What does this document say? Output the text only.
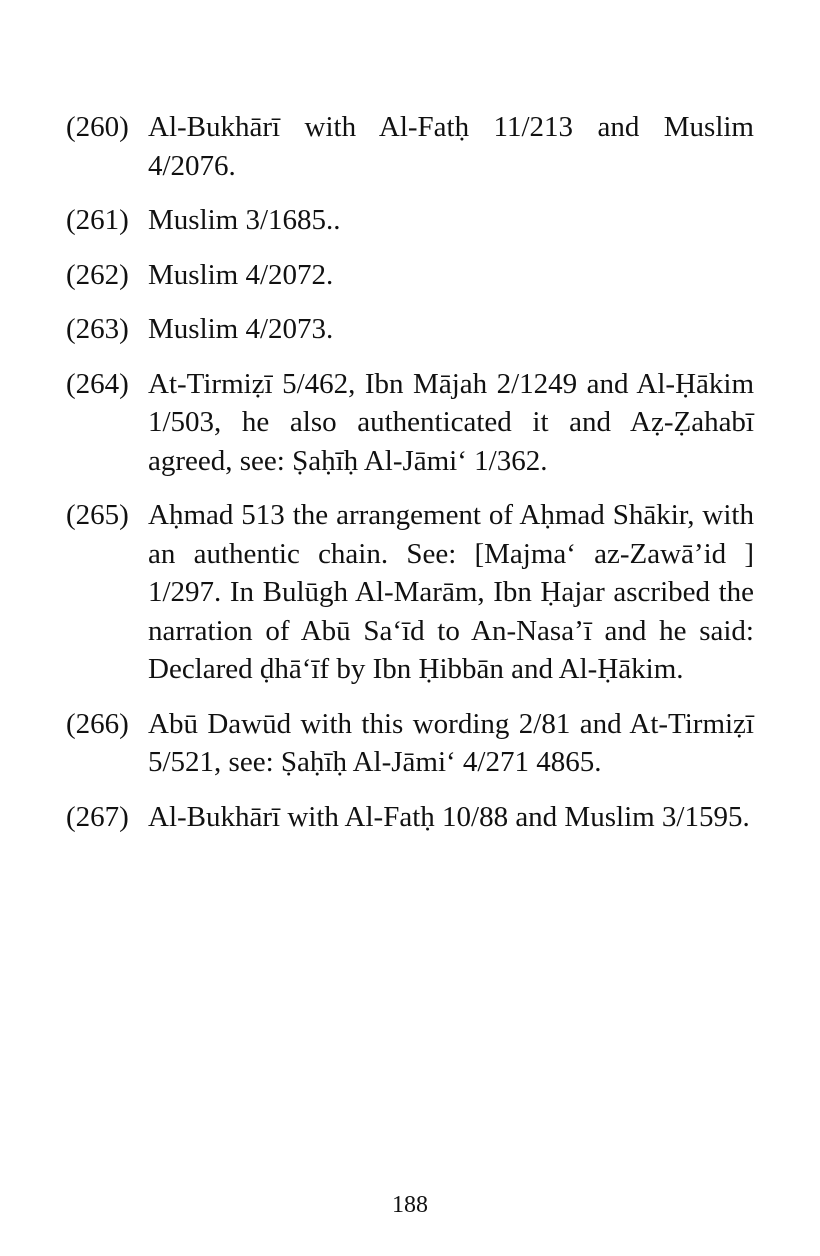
(260) Al-Bukhārī with Al-Fatḥ 11/213 and Muslim 4/2076.
(261) Muslim 3/1685..
(262) Muslim 4/2072.
(263) Muslim 4/2073.
(264) At-Tirmiẓī 5/462, Ibn Mājah 2/1249 and Al-Ḥākim 1/503, he also authenticated it and Aẓ-Ẓahabī agreed, see: Ṣaḥīḥ Al-Jāmi‘ 1/362.
(265) Aḥmad 513 the arrangement of Aḥmad Shākir, with an authentic chain. See: [Majma‘ az-Zawā’id ] 1/297. In Bulūgh Al-Marām, Ibn Ḥajar ascribed the narration of Abū Sa‘īd to An-Nasa’ī and he said: Declared ḍhā‘īf by Ibn Ḥibbān and Al-Ḥākim.
(266) Abū Dawūd with this wording 2/81 and At-Tirmiẓī 5/521, see: Ṣaḥīḥ Al-Jāmi‘ 4/271 4865.
(267) Al-Bukhārī with Al-Fatḥ 10/88 and Muslim 3/1595.
188
